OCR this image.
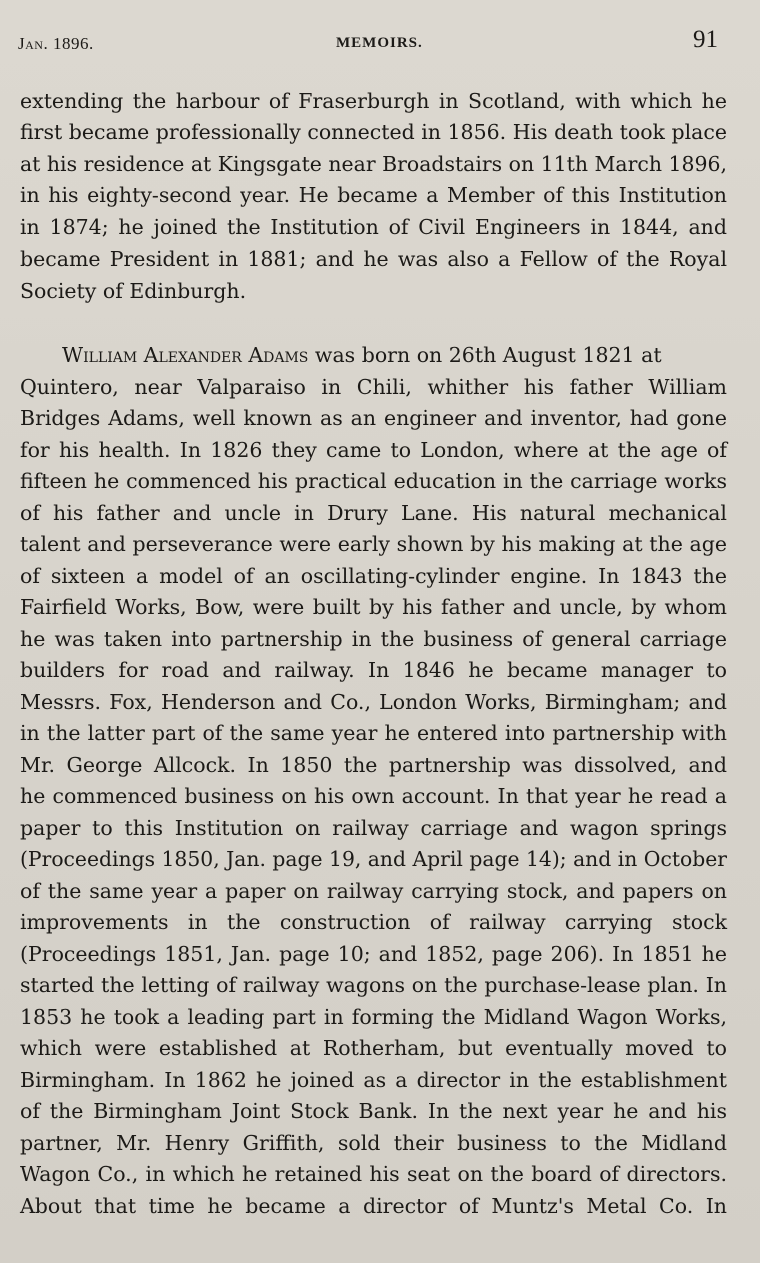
Jan. 1896.	MEMOIRS.	91
extending the harbour of Fraserburgh in Scotland, with which he
first became professionally connected in 1856. His death took place
at his residence at Kingsgate near Broadstairs on 11th March 1896,
in his eighty-second year. He became a Member of this Institution
in 1874; he joined the Institution of Civil Engineers in 1844, and
became President in 1881; and he was also a Fellow of the Royal
Society of Edinburgh.
William Alexander Adams was born on 26th August 1821 at
Quintero, near Valparaiso in Chili, whither his father William
Bridges Adams, well known as an engineer and inventor, had gone
for his health. In 1826 they came to London, where at the age of
fifteen he commenced his practical education in the carriage works
of his father and uncle in Drury Lane. His natural mechanical
talent and perseverance were early shown by his making at the age
of sixteen a model of an oscillating-cylinder engine. In 1843 the
Fairfield Works, Bow, were built by his father and uncle, by whom
he was taken into partnership in the business of general carriage
builders for road and railway. In 1846 he became manager to
Messrs. Fox, Henderson and Co., London Works, Birmingham; and
in the latter part of the same year he entered into partnership with
Mr. George Allcock. In 1850 the partnership was dissolved, and
he commenced business on his own account. In that year he read a
paper to this Institution on railway carriage and wagon springs
(Proceedings 1850, Jan. page 19, and April page 14); and in October
of the same year a paper on railway carrying stock, and papers on
improvements in the construction of railway carrying stock
(Proceedings 1851, Jan. page 10; and 1852, page 206). In 1851 he
started the letting of railway wagons on the purchase-lease plan. In
1853 he took a leading part in forming the Midland Wagon Works,
which were established at Rotherham, but eventually moved to
Birmingham. In 1862 he joined as a director in the establishment
of the Birmingham Joint Stock Bank. In the next year he and his
partner, Mr. Henry Griffith, sold their business to the Midland
Wagon Co., in which he retained his seat on the board of directors.
About that time he became a director of Muntz's Metal Co. In
